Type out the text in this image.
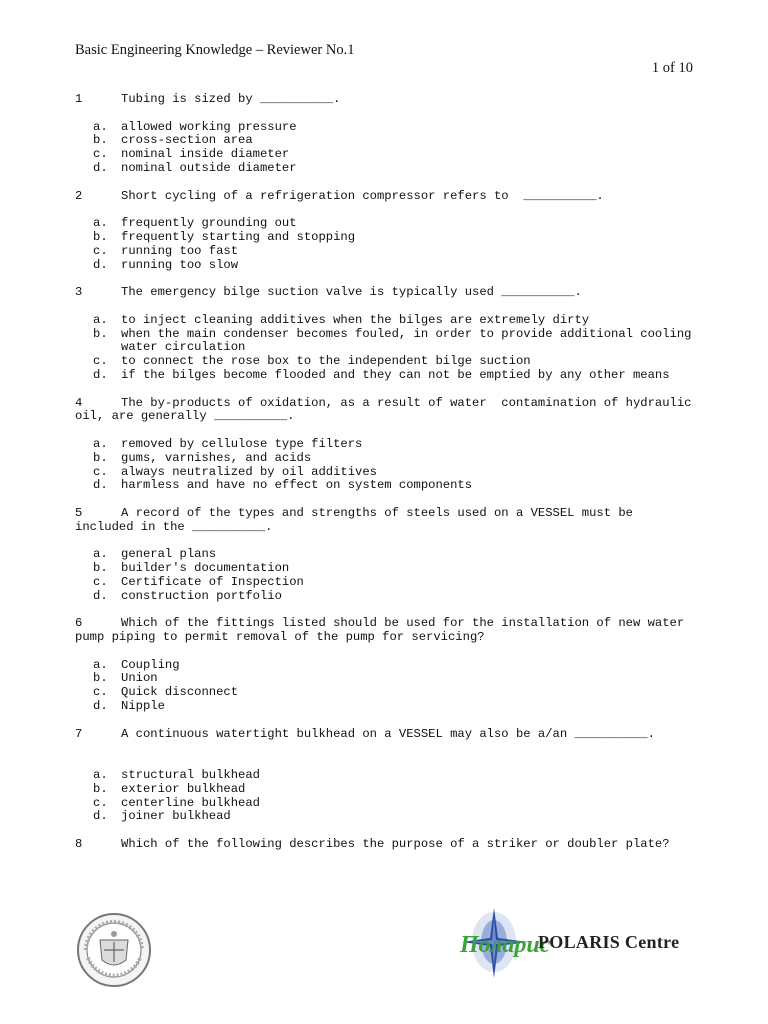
Basic Engineering Knowledge – Reviewer No.1
1 of 10
1	Tubing is sized by __________.
a.	allowed working pressure
b.	cross-section area
c.	nominal inside diameter
d.	nominal outside diameter
2	Short cycling of a refrigeration compressor refers to  __________.
a.	frequently grounding out
b.	frequently starting and stopping
c.	running too fast
d.	running too slow
3	The emergency bilge suction valve is typically used __________.
a.	to inject cleaning additives when the bilges are extremely dirty
b.	when the main condenser becomes fouled, in order to provide additional cooling water circulation
c.	to connect the rose box to the independent bilge suction
d.	if the bilges become flooded and they can not be emptied by any other means
4	The by-products of oxidation, as a result of water  contamination of hydraulic oil, are generally __________.
a.	removed by cellulose type filters
b.	gums, varnishes, and acids
c.	always neutralized by oil additives
d.	harmless and have no effect on system components
5	A record of the types and strengths of steels used on a VESSEL must be included in the __________.
a.	general plans
b.	builder's documentation
c.	Certificate of Inspection
d.	construction portfolio
6	Which of the fittings listed should be used for the installation of new water pump piping to permit removal of the pump for servicing?
a.	Coupling
b.	Union
c.	Quick disconnect
d.	Nipple
7	A continuous watertight bulkhead on a VESSEL may also be a/an __________.
a.	structural bulkhead
b.	exterior bulkhead
c.	centerline bulkhead
d.	joiner bulkhead
8	Which of the following describes the purpose of a striker or doubler plate?
Поларис
POLARIS Centre
